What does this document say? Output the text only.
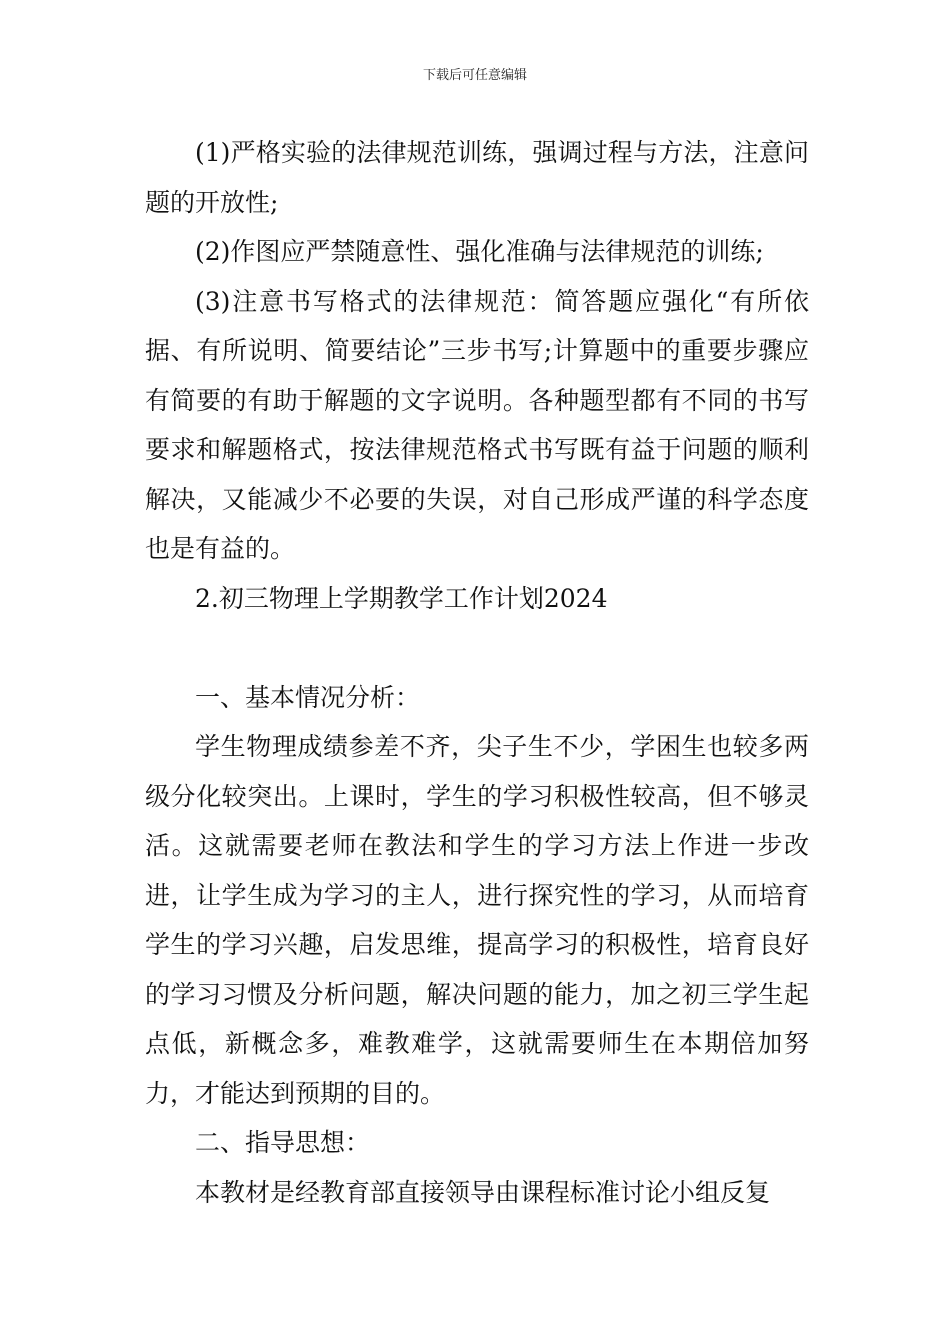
下载后可任意编辑

(1)严格实验的法律规范训练，强调过程与方法，注意问题的开放性;

(2)作图应严禁随意性、强化准确与法律规范的训练;

(3)注意书写格式的法律规范：简答题应强化“有所依据、有所说明、简要结论”三步书写;计算题中的重要步骤应有简要的有助于解题的文字说明。各种题型都有不同的书写要求和解题格式，按法律规范格式书写既有益于问题的顺利解决，又能减少不必要的失误，对自己形成严谨的科学态度也是有益的。

2.初三物理上学期教学工作计划2024

一、基本情况分析：

学生物理成绩参差不齐，尖子生不少，学困生也较多两级分化较突出。上课时，学生的学习积极性较高，但不够灵活。这就需要老师在教法和学生的学习方法上作进一步改进，让学生成为学习的主人，进行探究性的学习，从而培育学生的学习兴趣，启发思维，提高学习的积极性，培育良好的学习习惯及分析问题，解决问题的能力，加之初三学生起点低，新概念多，难教难学，这就需要师生在本期倍加努力，才能达到预期的目的。

二、指导思想：

本教材是经教育部直接领导由课程标准讨论小组反复
